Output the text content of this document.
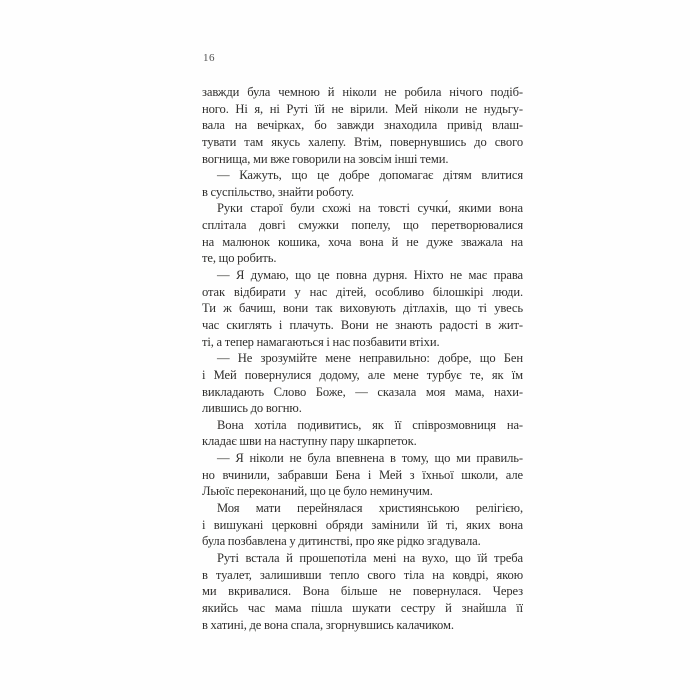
16
завжди була чемною й ніколи не робила нічого подіб-
ного. Ні я, ні Руті їй не вірили. Мей ніколи не нудьгу-
вала на вечірках, бо завжди знаходила привід влаш-
тувати там якусь халепу. Втім, повернувшись до свого
вогнища, ми вже говорили на зовсім інші теми.
— Кажуть, що це добре допомагає дітям влитися
в суспільство, знайти роботу.
Руки старої були схожі на товсті сучки́, якими вона
сплітала довгі смужки попелу, що перетворювалися
на малюнок кошика, хоча вона й не дуже зважала на
те, що робить.
— Я думаю, що це повна дурня. Ніхто не має права
отак відбирати у нас дітей, особливо білошкірі люди.
Ти ж бачиш, вони так виховують дітлахів, що ті увесь
час скиглять і плачуть. Вони не знають радості в жит-
ті, а тепер намагаються і нас позбавити втіхи.
— Не зрозумійте мене неправильно: добре, що Бен
і Мей повернулися додому, але мене турбує те, як їм
викладають Слово Боже, — сказала моя мама, нахи-
лившись до вогню.
Вона хотіла подивитись, як її співрозмовниця на-
кладає шви на наступну пару шкарпеток.
— Я ніколи не була впевнена в тому, що ми правиль-
но вчинили, забравши Бена і Мей з їхньої школи, але
Льюїс переконаний, що це було неминучим.
Моя мати перейнялася християнською релігією,
і вишукані церковні обряди замінили їй ті, яких вона
була позбавлена у дитинстві, про яке рідко згадувала.
Руті встала й прошепотіла мені на вухо, що їй треба
в туалет, залишивши тепло свого тіла на ковдрі, якою
ми вкривалися. Вона більше не повернулася. Через
якийсь час мама пішла шукати сестру й знайшла її
в хатині, де вона спала, згорнувшись калачиком.
